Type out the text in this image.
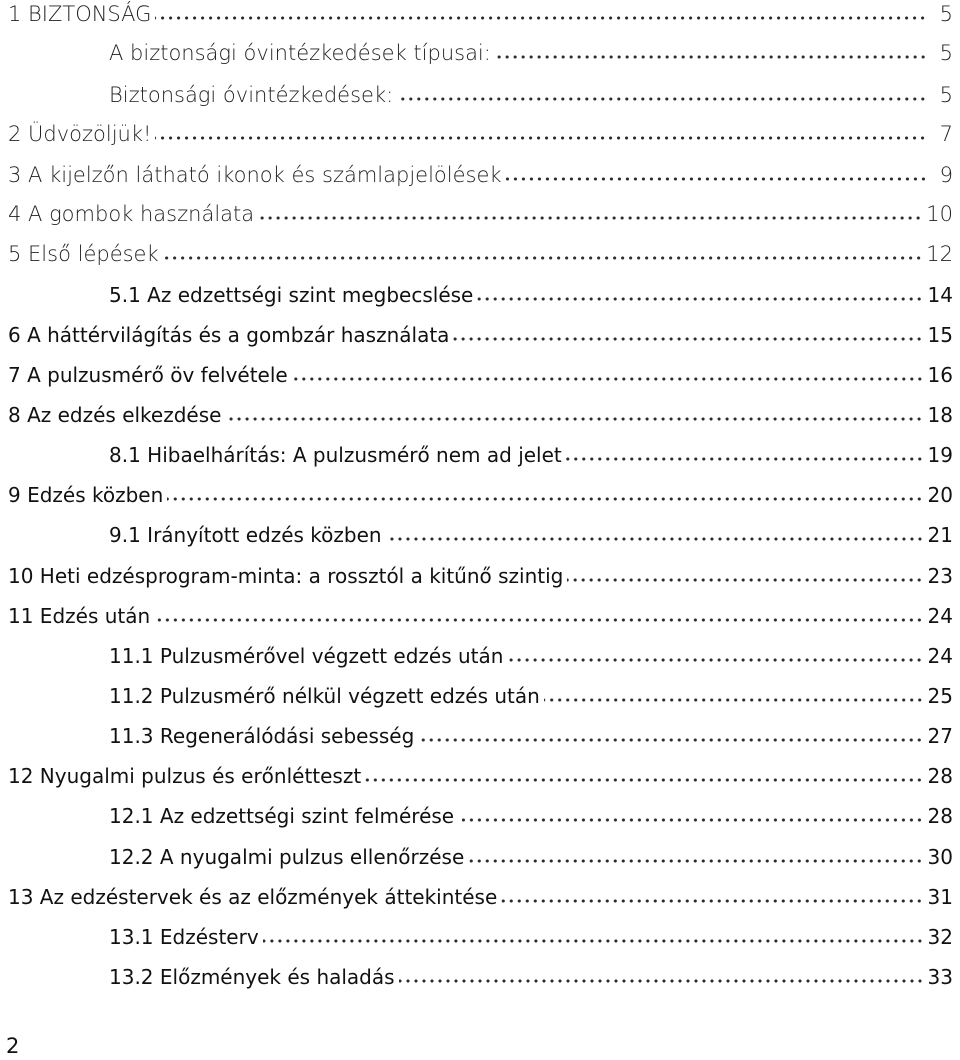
1 BIZTONSÁG	5
A biztonsági óvintézkedések típusai:	5
Biztonsági óvintézkedések:	5
2 Üdvözöljük!	7
3 A kijelzőn látható ikonok és számlapjelölések	9
4 A gombok használata	10
5 Első lépések	12
5.1 Az edzettségi szint megbecslése	14
6 A háttérvilágítás és a gombzár használata	15
7 A pulzusmérő öv felvétele	16
8 Az edzés elkezdése	18
8.1 Hibaelhárítás: A pulzusmérő nem ad jelet	19
9 Edzés közben	20
9.1 Irányított edzés közben	21
10 Heti edzésprogram-minta: a rossztól a kitűnő szintig	23
11 Edzés után	24
11.1 Pulzusmérővel végzett edzés után	24
11.2 Pulzusmérő nélkül végzett edzés után	25
11.3 Regenerálódási sebesség	27
12 Nyugalmi pulzus és erőnlétteszt	28
12.1 Az edzettségi szint felmérése	28
12.2 A nyugalmi pulzus ellenőrzése	30
13 Az edzéstervek és az előzmények áttekintése	31
13.1 Edzésterv	32
13.2 Előzmények és haladás	33
2
